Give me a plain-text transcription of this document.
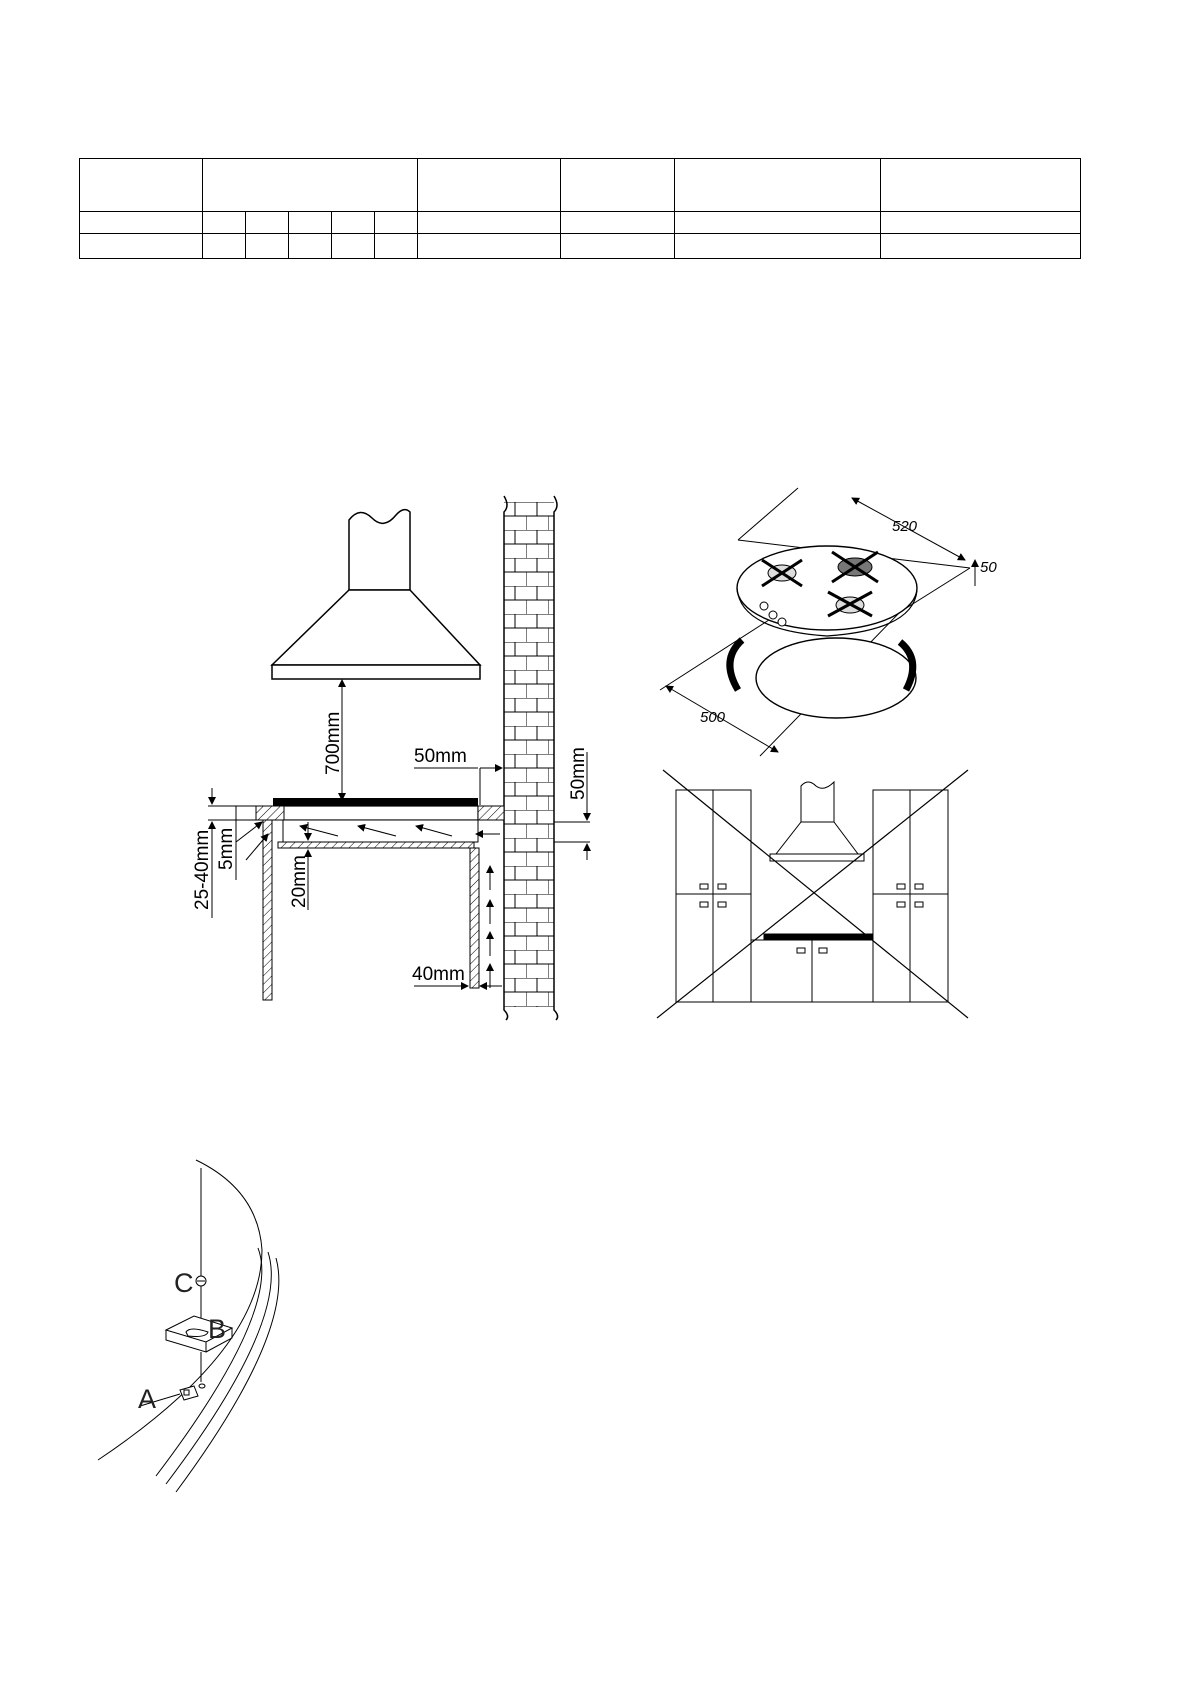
700mm	50mm	50mm
25-40mm 5mm
20mm
40mm
520
50
500
C
B
A
